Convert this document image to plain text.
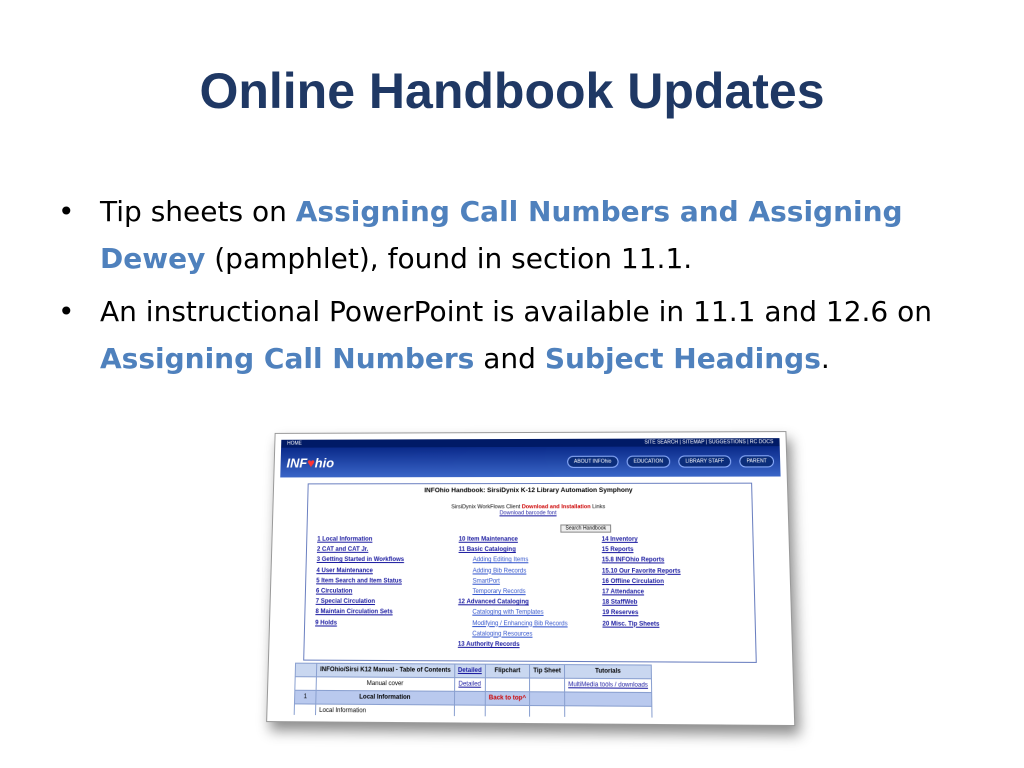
Online Handbook Updates
• Tip sheets on Assigning Call Numbers and Assigning Dewey (pamphlet), found in section 11.1.
• An instructional PowerPoint is available in 11.1 and 12.6 on Assigning Call Numbers and Subject Headings.
HOME	SITE SEARCH | SITEMAP | SUGGESTIONS | RC DOCS
INF♥hio	ABOUT INFOhio	EDUCATION	LIBRARY STAFF	PARENT
INFOhio Handbook: SirsiDynix K-12 Library Automation Symphony
SirsiDynix WorkFlows Client Download and Installation Links
Download barcode font
Search Handbook
1 Local Information
2 CAT and CAT Jr.
3 Getting Started in Workflows
4 User Maintenance
5 Item Search and Item Status
6 Circulation
7 Special Circulation
8 Maintain Circulation Sets
9 Holds
10 Item Maintenance
11 Basic Cataloging
Adding Editing Items
Adding Bib Records
SmartPort
Temporary Records
12 Advanced Cataloging
Cataloging with Templates
Modifying / Enhancing Bib Records
Cataloging Resources
13 Authority Records
14 Inventory
15 Reports
15.8 INFOhio Reports
15.10 Our Favorite Reports
16 Offline Circulation
17 Attendance
18 StaffWeb
19 Reserves
20 Misc. Tip Sheets
	INFOhio/Sirsi K12 Manual - Table of Contents	Detailed	Flipchart	Tip Sheet	Tutorials
	Manual cover	Detailed			MultiMedia tools / downloads
1	Local Information		Back to top^		
	Local Information				
